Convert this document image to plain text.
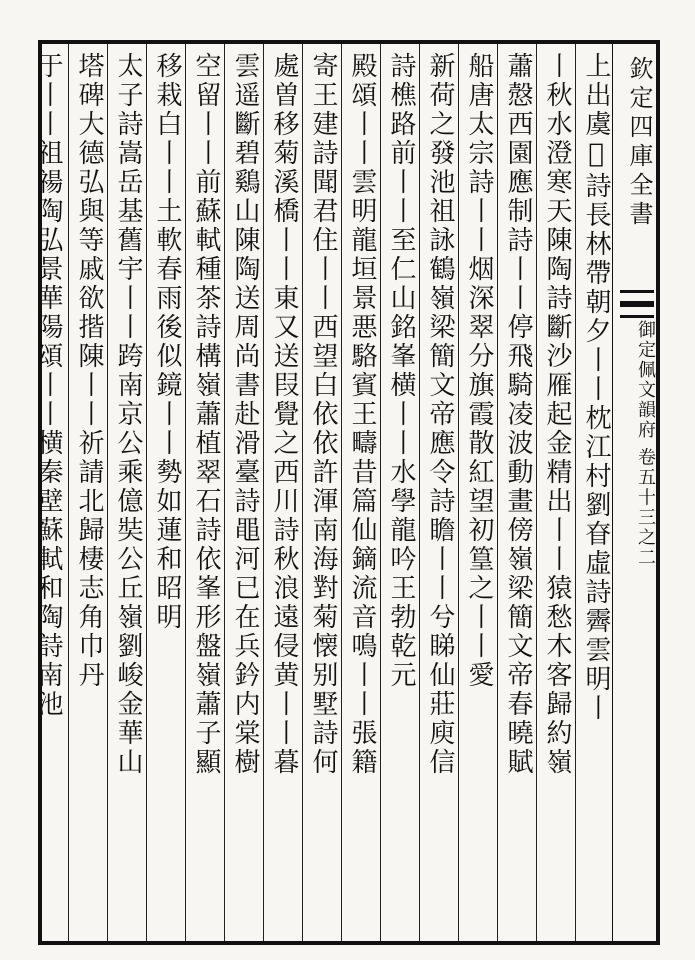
欽定四庫全書
御定佩文韻府 卷五十三之二
上出虞𥨊詩長林帶朝夕丨丨枕江村劉眘虛詩霽雲明丨
丨秋水澄寒天陳陶詩斷沙雁起金精出丨丨猿愁木客歸約嶺
蕭慤西園應制詩丨丨停飛騎凌波動畫傍嶺梁簡文帝春曉賦
船唐太宗詩丨丨烟深翠分旗霞散紅望初篁之丨丨愛
新荷之發池祖詠鶴嶺梁簡文帝應令詩瞻丨丨兮睇仙莊庾信
詩樵路前丨丨至仁山銘峯横丨丨水學龍吟王勃乾元
殿頌丨丨雲明龍垣景悪駱賓王疇昔篇仙鏑流音鳴丨丨張籍
寄王建詩聞君住丨丨西望白依依許渾南海對菊懐别墅詩何
處曽移菊溪橋丨丨東又送叚覺之西川詩秋浪遠侵黄丨丨暮
雲遥斷碧鷄山陳陶送周尚書赴滑臺詩黽河已在兵鈐内棠樹
空留丨丨前蘇軾種茶詩構嶺蕭植翠石詩依峯形盤嶺蕭子顯
移栽白丨丨土軟春雨後似鏡丨丨勢如蓮和昭明
太子詩嵩岳基舊宇丨丨跨南京公乘億奘公丘嶺劉峻金華山
塔碑大德弘與等戚欲揩陳丨丨祈請北歸棲志角巾丹
于丨丨祖禓陶弘景華陽頌丨丨横秦壁蘇軾和陶詩南池
